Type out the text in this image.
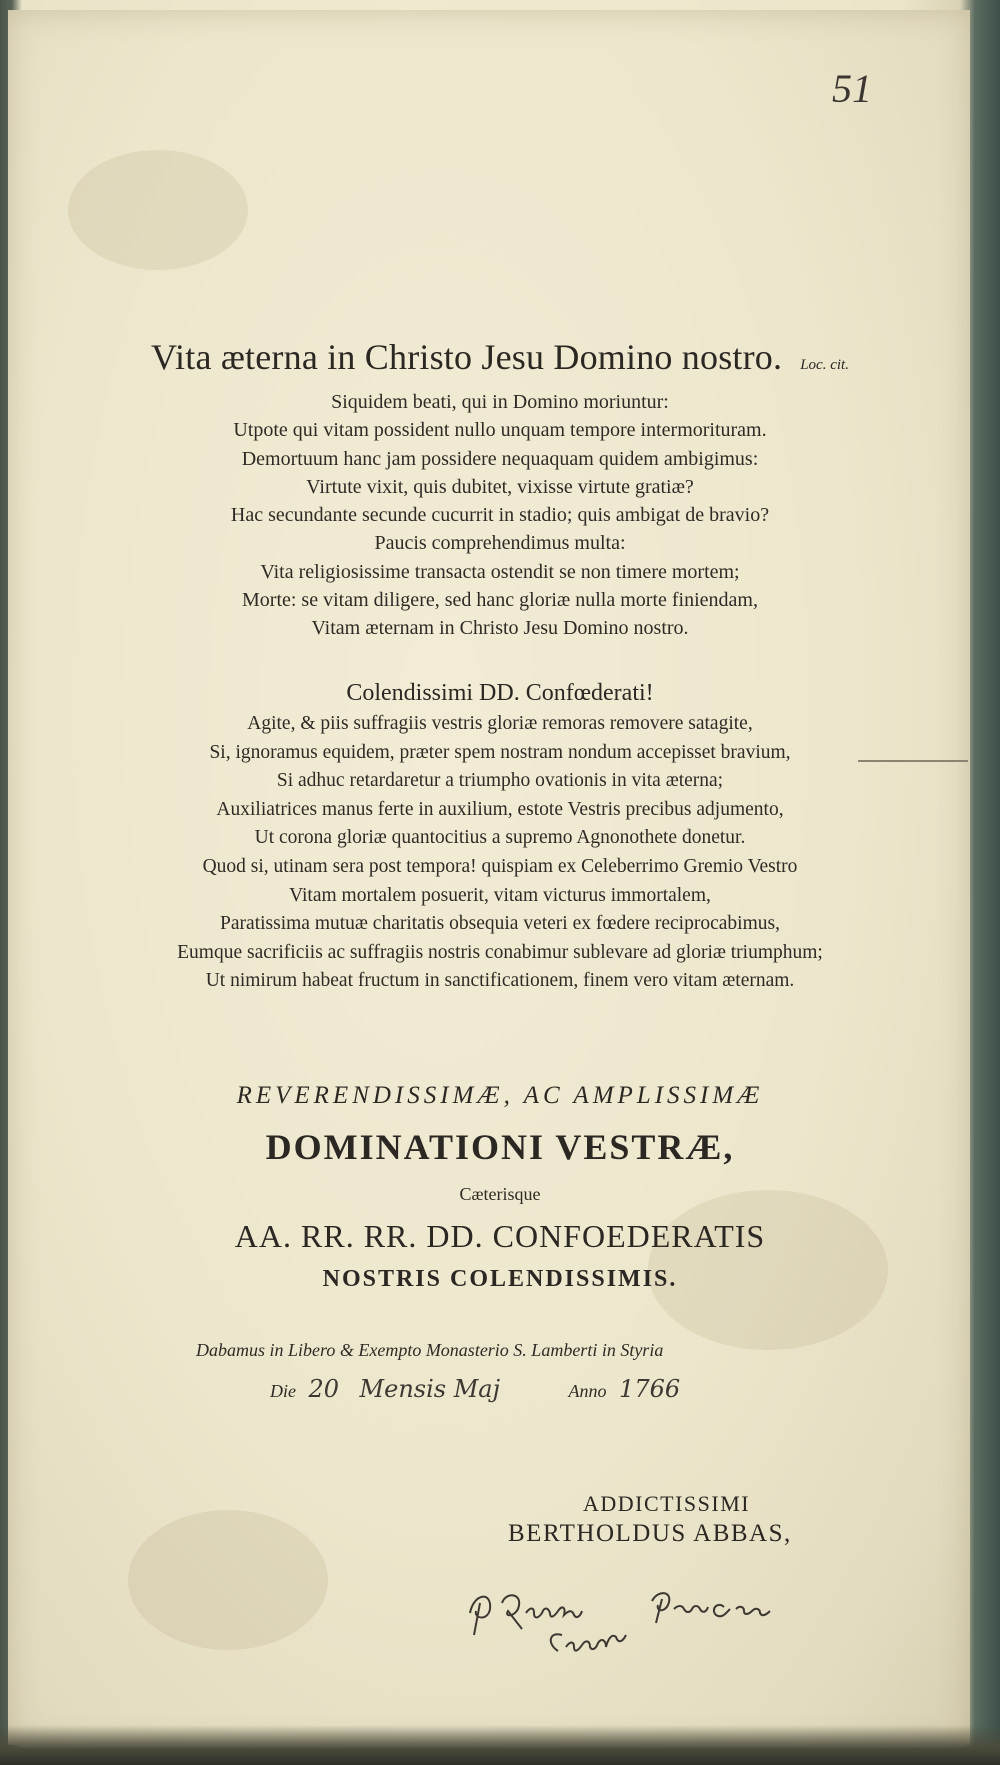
51
Vita æterna in Christo Jesu Domino nostro. Loc. cit.
Siquidem beati, qui in Domino moriuntur:
Utpote qui vitam possident nullo unquam tempore intermorituram.
Demortuum hanc jam possidere nequaquam quidem ambigimus:
Virtute vixit, quis dubitet, vixisse virtute gratiæ?
Hac secundante secunde cucurrit in stadio; quis ambigat de bravio?
Paucis comprehendimus multa:
Vita religiosissime transacta ostendit se non timere mortem;
Morte: se vitam diligere, sed hanc gloriæ nulla morte finiendam,
Vitam æternam in Christo Jesu Domino nostro.
Colendissimi DD. Confœderati!
Agite, & piis suffragiis vestris gloriæ remoras removere satagite,
Si, ignoramus equidem, præter spem nostram nondum accepisset bravium,
Si adhuc retardaretur a triumpho ovationis in vita æterna;
Auxiliatrices manus ferte in auxilium, estote Vestris precibus adjumento,
Ut corona gloriæ quantocitius a supremo Agnonothete donetur.
Quod si, utinam sera post tempora! quispiam ex Celeberrimo Gremio Vestro
Vitam mortalem posuerit, vitam victurus immortalem,
Paratissima mutuæ charitatis obsequia veteri ex fœdere reciprocabimus,
Eumque sacrificiis ac suffragiis nostris conabimur sublevare ad gloriæ triumphum;
Ut nimirum habeat fructum in sanctificationem, finem vero vitam æternam.
REVERENDISSIMÆ, AC AMPLISSIMÆ
DOMINATIONI VESTRÆ,
Cæterisque
AA. RR. RR. DD. CONFOEDERATIS
NOSTRIS COLENDISSIMIS.
Dabamus in Libero & Exempto Monasterio S. Lamberti in Styria
Die 20 Mensis Maj	Anno 1766
ADDICTISSIMI
BERTHOLDUS ABBAS,
